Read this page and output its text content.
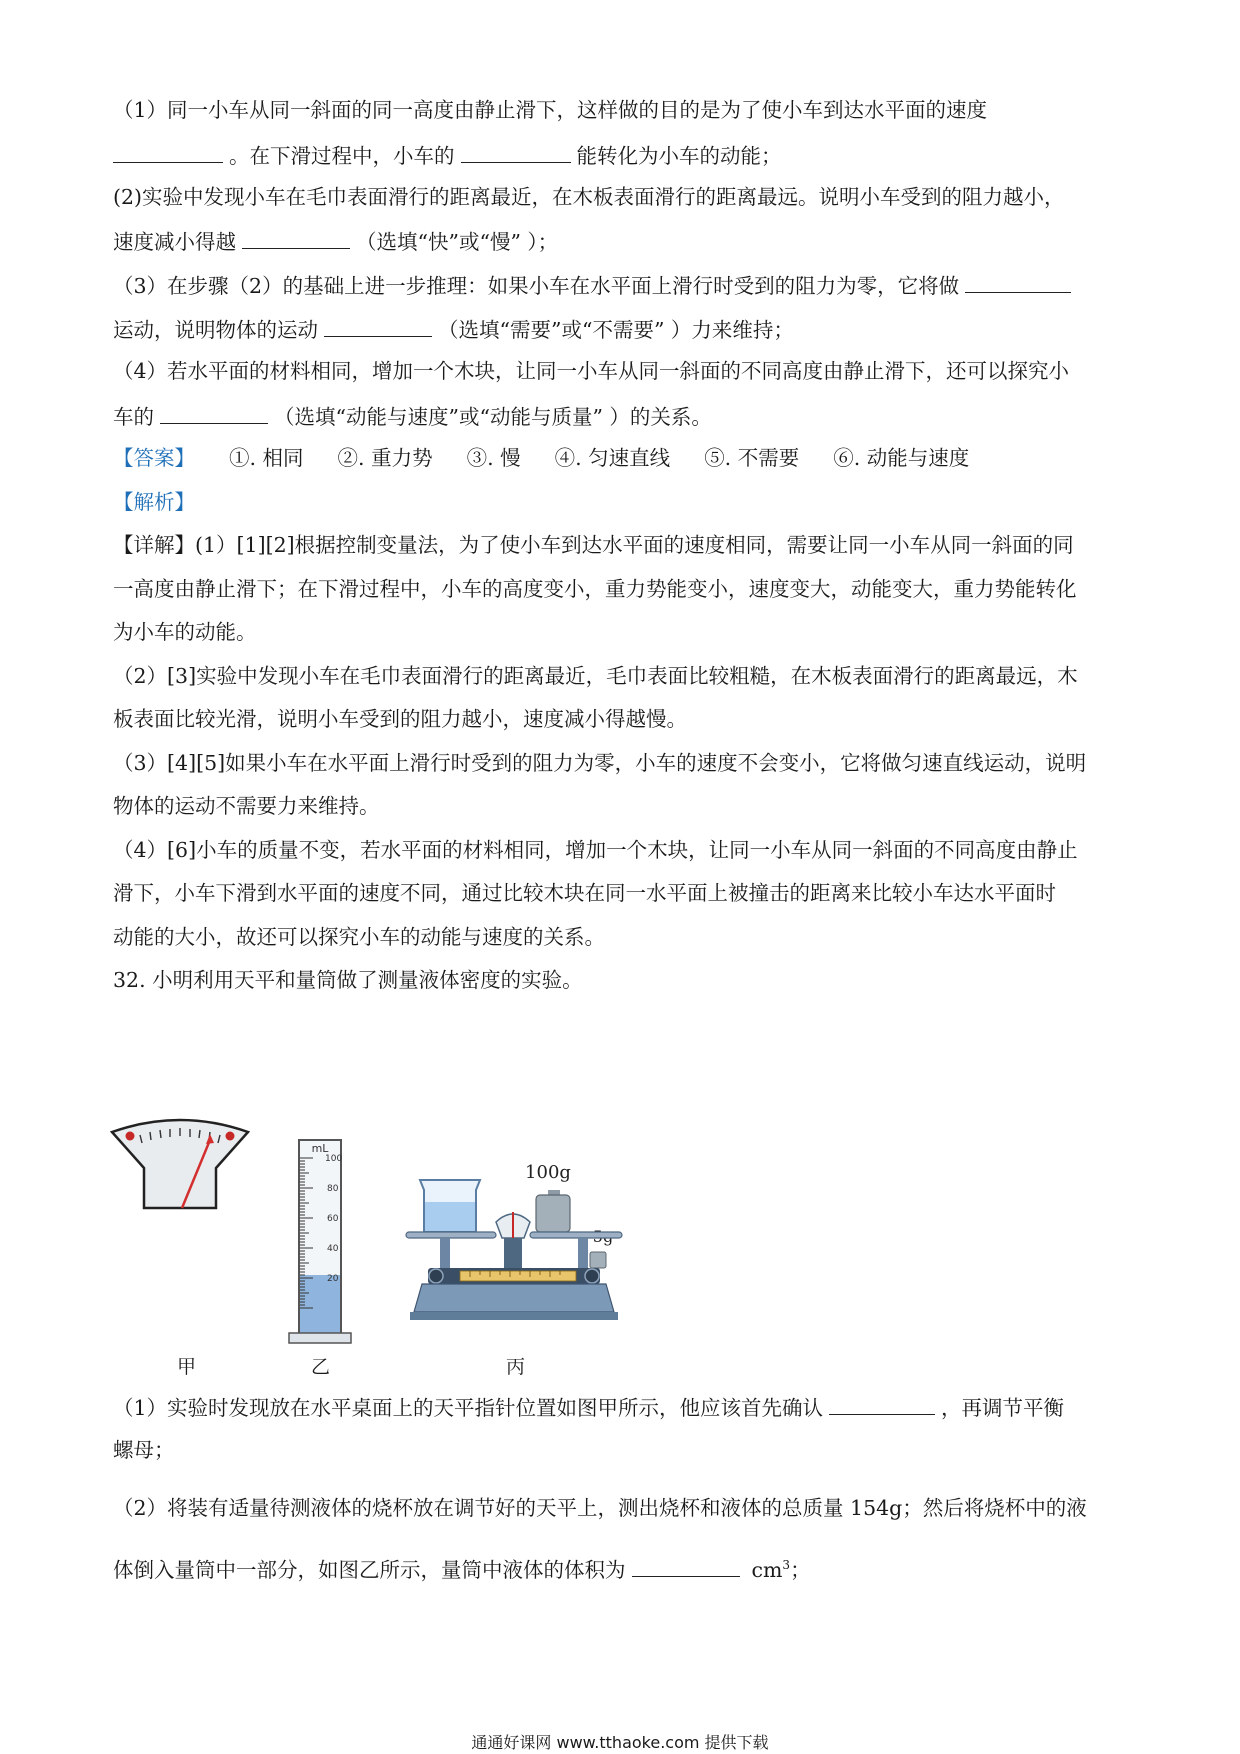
（1）同一小车从同一斜面的同一高度由静止滑下，这样做的目的是为了使小车到达水平面的速度
。在下滑过程中，小车的	能转化为小车的动能；
(2)实验中发现小车在毛巾表面滑行的距离最近，在木板表面滑行的距离最远。说明小车受到的阻力越小，
速度减小得越	（选填“快”或“慢” ）；
（3）在步骤（2）的基础上进一步推理：如果小车在水平面上滑行时受到的阻力为零，它将做
运动，说明物体的运动	（选填“需要”或“不需要” ）力来维持；
（4）若水平面的材料相同，增加一个木块，让同一小车从同一斜面的不同高度由静止滑下，还可以探究小
车的	（选填“动能与速度”或“动能与质量” ）的关系。
【答案】 ①. 相同 ②. 重力势 ③. 慢 ④. 匀速直线 ⑤. 不需要 ⑥. 动能与速度
【解析】
【详解】(1）[1][2]根据控制变量法，为了使小车到达水平面的速度相同，需要让同一小车从同一斜面的同
一高度由静止滑下；在下滑过程中，小车的高度变小，重力势能变小，速度变大，动能变大，重力势能转化
为小车的动能。
（2）[3]实验中发现小车在毛巾表面滑行的距离最近，毛巾表面比较粗糙，在木板表面滑行的距离最远，木
板表面比较光滑，说明小车受到的阻力越小，速度减小得越慢。
（3）[4][5]如果小车在水平面上滑行时受到的阻力为零，小车的速度不会变小，它将做匀速直线运动，说明
物体的运动不需要力来维持。
（4）[6]小车的质量不变，若水平面的材料相同，增加一个木块，让同一小车从同一斜面的不同高度由静止
滑下，小车下滑到水平面的速度不同，通过比较木块在同一水平面上被撞击的距离来比较小车达水平面时
动能的大小，故还可以探究小车的动能与速度的关系。
32. 小明利用天平和量筒做了测量液体密度的实验。
mL
100
80
60
40
20
100g
甲	乙	丙
（1）实验时发现放在水平桌面上的天平指针位置如图甲所示，他应该首先确认	，再调节平衡
螺母；
（2）将装有适量待测液体的烧杯放在调节好的天平上，测出烧杯和液体的总质量 154g；然后将烧杯中的液
体倒入量筒中一部分，如图乙所示，量筒中液体的体积为	$cm^3$；
通通好课网 www.tthaoke.com 提供下载
